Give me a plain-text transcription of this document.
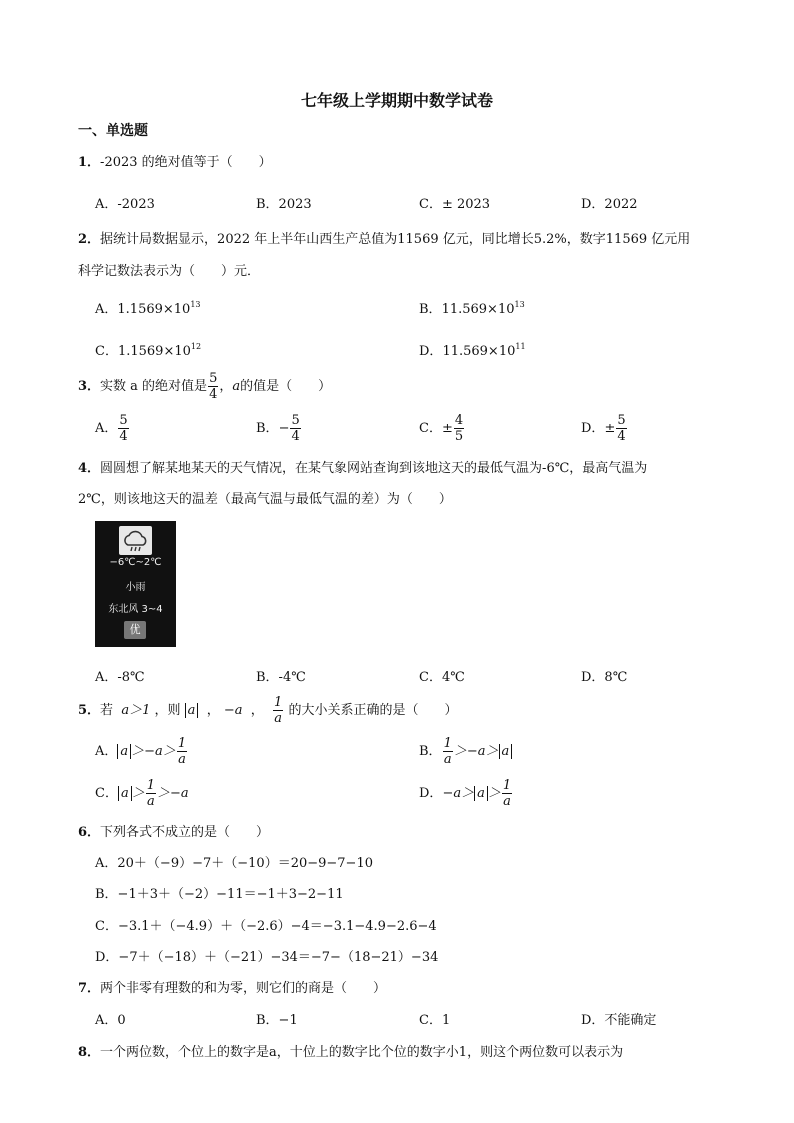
七年级上学期期中数学试卷
一、单选题
1．-2023 的绝对值等于（　　）
A．-2023	B．2023	C．± 2023	D．2022
2．据统计局数据显示，2022 年上半年山西生产总值为11569 亿元，同比增长5.2%，数字11569 亿元用
科学记数法表示为（　　）元．
A．$1.1569\times 10^{13}$	B．$11.569\times 10^{13}$
C．$1.1569\times 10^{12}$	D．$11.569\times 10^{11}$
3．实数 a 的绝对值是 $\frac{5}{4}$ ，a的值是（　　）
A． $\frac{5}{4}$	B．− $\frac{5}{4}$	C．± $\frac{4}{5}$	D．± $\frac{5}{4}$
4．圆圆想了解某地某天的天气情况，在某气象网站查询到该地这天的最低气温为-6℃，最高气温为
2℃，则该地这天的温差（最高气温与最低气温的差）为（　　）
−6℃~2℃
小雨
东北风 3~4
优
A．-8℃	B．-4℃	C．4℃	D．8℃
5．若 a＞1 ，则 a ， −a ， $\frac{1}{a}$ 的大小关系正确的是（　　）
A． $a >-a> \frac{1}{a}$	B． $\frac{1}{a} >-a> a$
C． $a > \frac{1}{a} >-a$	D．$-a> a > \frac{1}{a}$
6．下列各式不成立的是（　　）
A．20＋（−9）−7＋（−10）＝20−9−7−10
B．−1＋3＋（−2）−11＝−1＋3−2−11
C．−3.1＋（−4.9）＋（−2.6）−4＝−3.1−4.9−2.6−4
D．−7＋（−18）＋（−21）−34＝−7−（18−21）−34
7．两个非零有理数的和为零，则它们的商是（　　）
A．0	B．−1	C．1	D．不能确定
8．一个两位数，个位上的数字是a，十位上的数字比个位的数字小1，则这个两位数可以表示为
